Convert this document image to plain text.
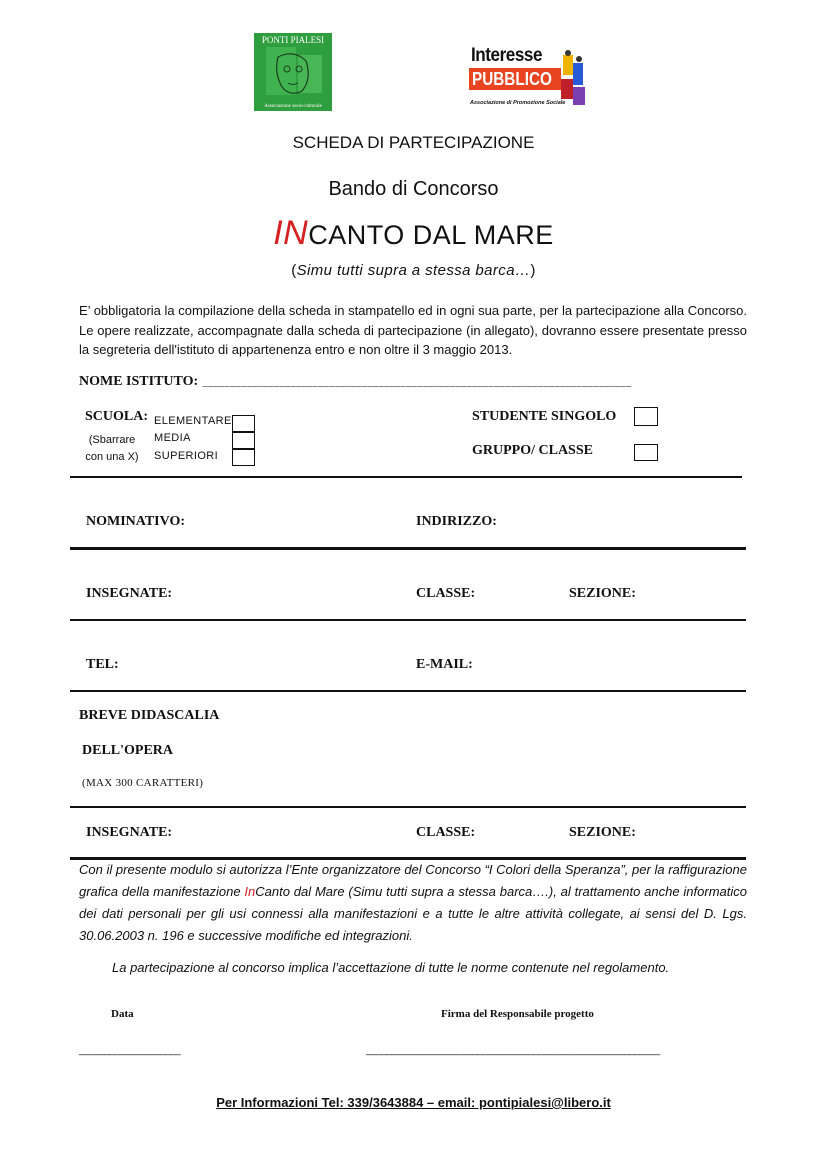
PONTI PIALESI
Associazione socio-culturale
Interesse
PUBBLICO
Associazione di Promozione Sociale
SCHEDA DI PARTECIPAZIONE
Bando di Concorso
INCANTO DAL MARE
(Simu tutti supra a stessa barca…)
E’ obbligatoria la compilazione della scheda in stampatello ed in ogni sua parte, per la partecipazione alla Concorso. Le opere realizzate, accompagnate dalla scheda di partecipazione (in allegato), dovranno essere presentate presso la segreteria dell'istituto di appartenenza entro e non oltre il 3 maggio 2013.
NOME ISTITUTO: ______________________________________________________________________________
SCUOLA:
(Sbarrare con una X)
ELEMENTARE
MEDIA
SUPERIORI
STUDENTE SINGOLO
GRUPPO/ CLASSE
NOMINATIVO:	INDIRIZZO:
INSEGNATE:	CLASSE:	SEZIONE:
TEL:	E-MAIL:
BREVE DIDASCALIA
DELL'OPERA
(MAX 300 CARATTERI)
INSEGNATE:	CLASSE:	SEZIONE:
Con il presente modulo si autorizza l’Ente organizzatore del Concorso “I Colori della Speranza”, per la raffigurazione grafica della manifestazione InCanto dal Mare (Simu tutti supra a stessa barca….), al trattamento anche informatico dei dati personali per gli usi connessi alla manifestazioni e a tutte le altre attività collegate, ai sensi del D. Lgs. 30.06.2003 n. 196 e successive modifiche ed integrazioni.
La partecipazione al concorso implica l’accettazione di tutte le norme contenute nel regolamento.
Data	Firma del Responsabile progetto
____________________	__________________________________________________________
Per Informazioni Tel: 339/3643884 – email: pontipialesi@libero.it
